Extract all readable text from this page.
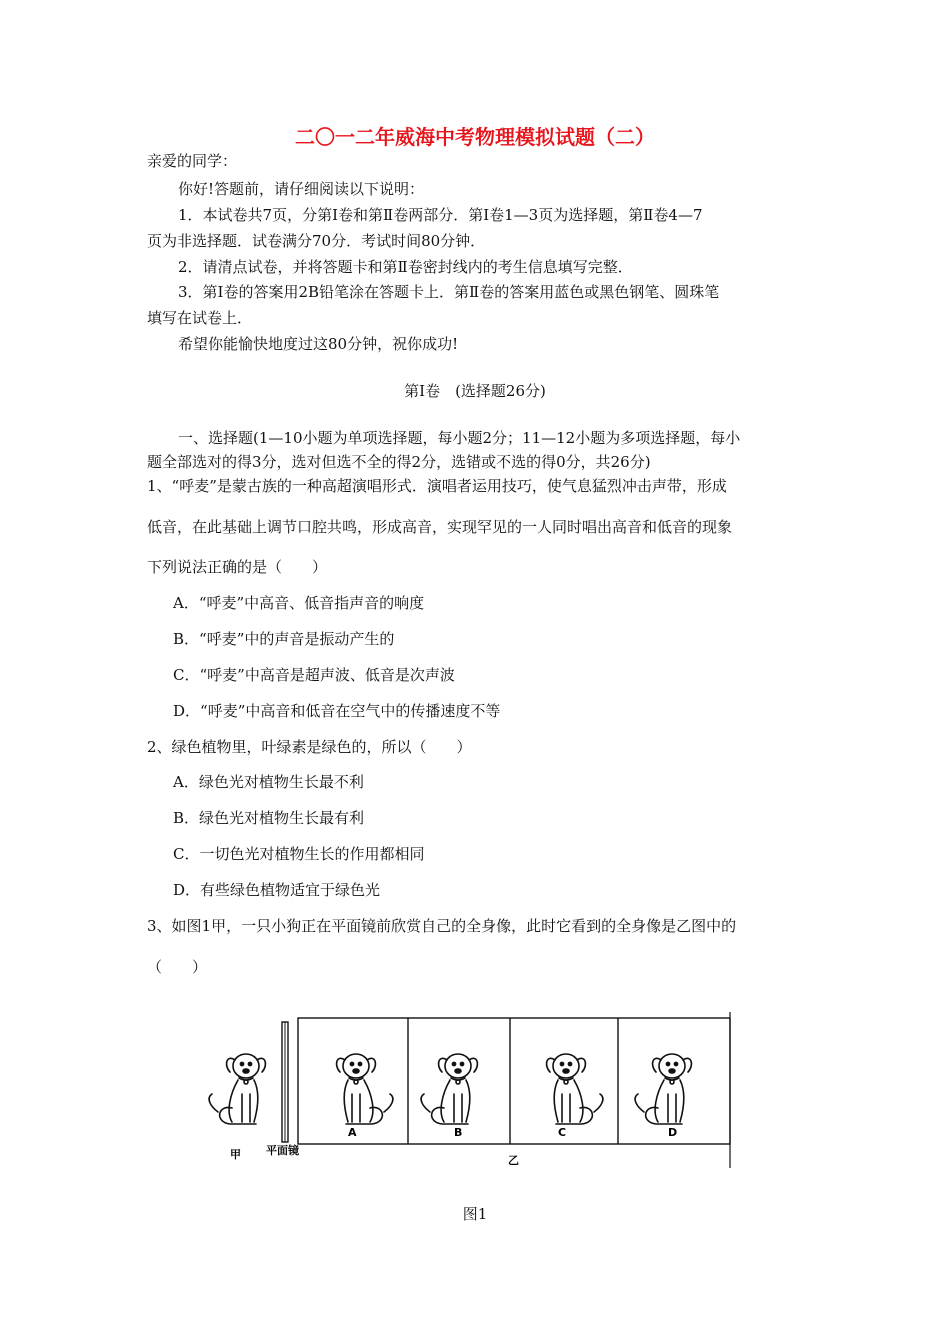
二〇一二年威海中考物理模拟试题（二）
亲爱的同学：
你好!答题前，请仔细阅读以下说明：
1．本试卷共7页，分第Ⅰ卷和第Ⅱ卷两部分．第Ⅰ卷1—3页为选择题，第Ⅱ卷4—7
页为非选择题．试卷满分70分．考试时间80分钟．
2．请清点试卷，并将答题卡和第Ⅱ卷密封线内的考生信息填写完整．
3．第Ⅰ卷的答案用2B铅笔涂在答题卡上．第Ⅱ卷的答案用蓝色或黑色钢笔、圆珠笔
填写在试卷上．
希望你能愉快地度过这80分钟，祝你成功!
第Ⅰ卷　(选择题26分)
一、选择题(1—10小题为单项选择题，每小题2分；11—12小题为多项选择题，每小
题全部选对的得3分，选对但选不全的得2分，选错或不选的得0分，共26分)
1、“呼麦”是蒙古族的一种高超演唱形式．演唱者运用技巧，使气息猛烈冲击声带，形成
低音，在此基础上调节口腔共鸣，形成高音，实现罕见的一人同时唱出高音和低音的现象
下列说法正确的是（　　）
A．“呼麦”中高音、低音指声音的响度
B．“呼麦”中的声音是振动产生的
C．“呼麦”中高音是超声波、低音是次声波
D．“呼麦”中高音和低音在空气中的传播速度不等
2、绿色植物里，叶绿素是绿色的，所以（　　）
A．绿色光对植物生长最不利
B．绿色光对植物生长最有利
C．一切色光对植物生长的作用都相同
D．有些绿色植物适宜于绿色光
3、如图1甲，一只小狗正在平面镜前欣赏自己的全身像，此时它看到的全身像是乙图中的
（　　）
A	B	C	D
甲 平面镜
乙
图1
